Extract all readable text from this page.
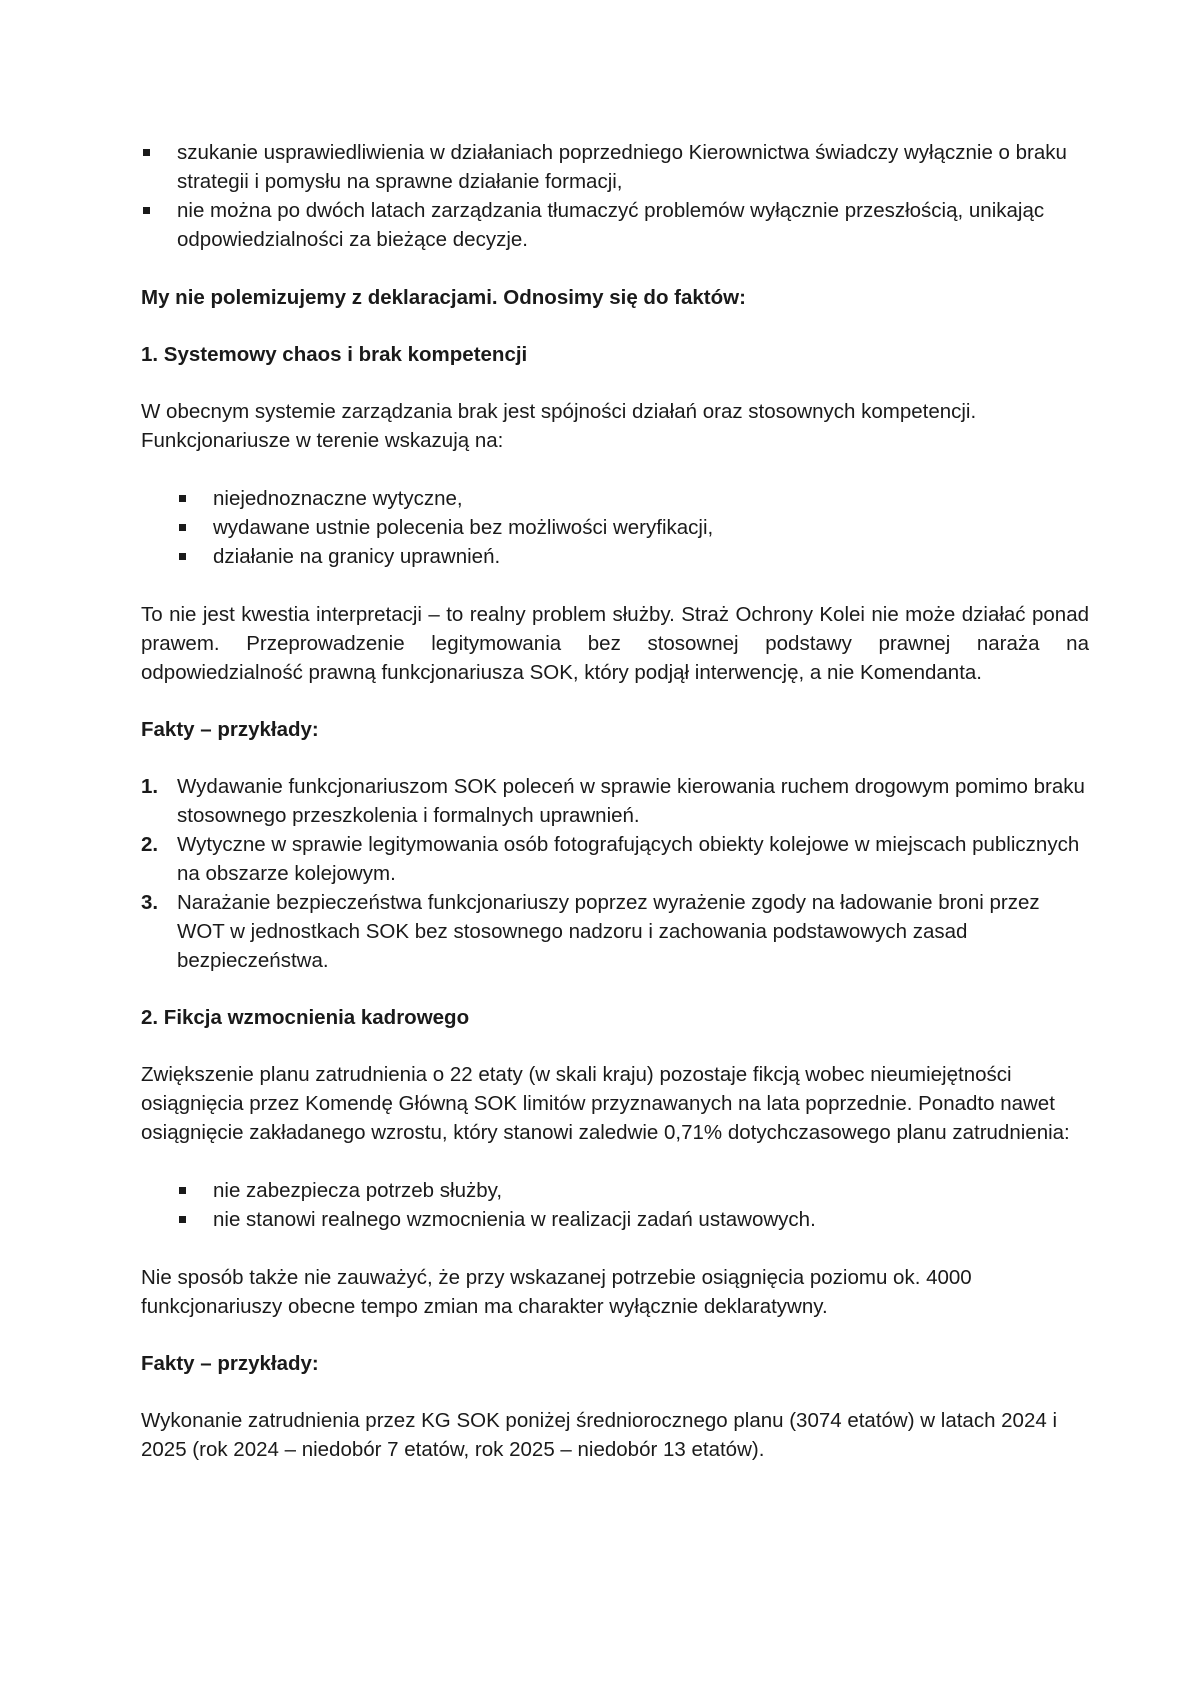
szukanie usprawiedliwienia w działaniach poprzedniego Kierownictwa świadczy wyłącznie o braku strategii i pomysłu na sprawne działanie formacji,
nie można po dwóch latach zarządzania tłumaczyć problemów wyłącznie przeszłością, unikając odpowiedzialności za bieżące decyzje.

My nie polemizujemy z deklaracjami. Odnosimy się do faktów:

1. Systemowy chaos i brak kompetencji

W obecnym systemie zarządzania brak jest spójności działań oraz stosownych kompetencji. Funkcjonariusze w terenie wskazują na:

niejednoznaczne wytyczne,
wydawane ustnie polecenia bez możliwości weryfikacji,
działanie na granicy uprawnień.

To nie jest kwestia interpretacji – to realny problem służby. Straż Ochrony Kolei nie może działać ponad prawem. Przeprowadzenie legitymowania bez stosownej podstawy prawnej naraża na odpowiedzialność prawną funkcjonariusza SOK, który podjął interwencję, a nie Komendanta.

Fakty – przykłady:

1. Wydawanie funkcjonariuszom SOK poleceń w sprawie kierowania ruchem drogowym pomimo braku stosownego przeszkolenia i formalnych uprawnień.
2. Wytyczne w sprawie legitymowania osób fotografujących obiekty kolejowe w miejscach publicznych na obszarze kolejowym.
3. Narażanie bezpieczeństwa funkcjonariuszy poprzez wyrażenie zgody na ładowanie broni przez WOT w jednostkach SOK bez stosownego nadzoru i zachowania podstawowych zasad bezpieczeństwa.

2. Fikcja wzmocnienia kadrowego

Zwiększenie planu zatrudnienia o 22 etaty (w skali kraju) pozostaje fikcją wobec nieumiejętności osiągnięcia przez Komendę Główną SOK limitów przyznawanych na lata poprzednie. Ponadto nawet osiągnięcie zakładanego wzrostu, który stanowi zaledwie 0,71% dotychczasowego planu zatrudnienia:

nie zabezpiecza potrzeb służby,
nie stanowi realnego wzmocnienia w realizacji zadań ustawowych.

Nie sposób także nie zauważyć, że przy wskazanej potrzebie osiągnięcia poziomu ok. 4000 funkcjonariuszy obecne tempo zmian ma charakter wyłącznie deklaratywny.

Fakty – przykłady:

Wykonanie zatrudnienia przez KG SOK poniżej średniorocznego planu (3074 etatów) w latach 2024 i 2025 (rok 2024 – niedobór 7 etatów, rok 2025 – niedobór 13 etatów).
